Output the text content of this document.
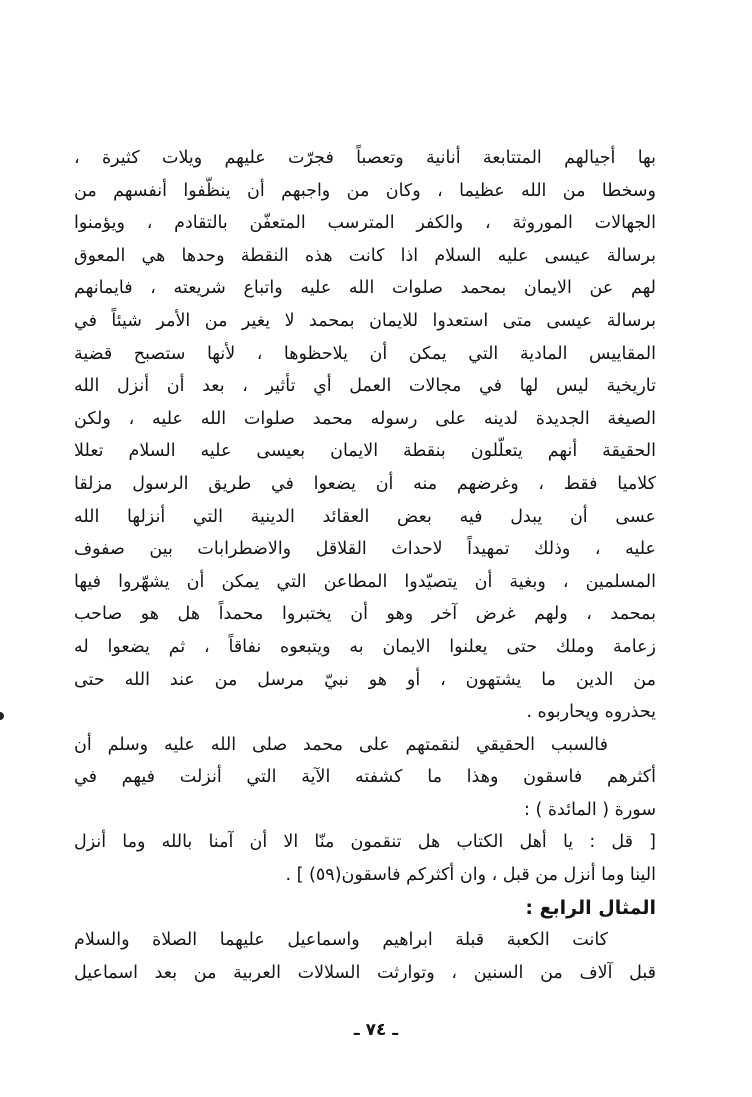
بها أجيالهم المتتابعة أنانية وتعصباً فجرّت عليهم ويلات كثيرة ،
وسخطا من الله عظيما ، وكان من واجبهم أن ينظّفوا أنفسهم من
الجهالات الموروثة ، والكفر المترسب المتعفّن بالتقادم ، ويؤمنوا
برسالة عيسى عليه السلام اذا كانت هذه النقطة وحدها هي المعوق
لهم عن الايمان بمحمد صلوات الله عليه واتباع شريعته ، فايمانهم
برسالة عيسى متى استعدوا للايمان بمحمد لا يغير من الأمر شيئاً في
المقاييس المادية التي يمكن أن يلاحظوها ، لأنها ستصبح قضية
تاريخية ليس لها في مجالات العمل أي تأثير ، بعد أن أنزل الله
الصيغة الجديدة لدينه على رسوله محمد صلوات الله عليه ، ولكن
الحقيقة أنهم يتعلّلون بنقطة الايمان بعيسى عليه السلام تعللا
كلاميا فقط ، وغرضهم منه أن يضعوا في طريق الرسول مزلقا
عسى أن يبدل فيه بعض العقائد الدينية التي أنزلها الله
عليه ، وذلك تمهيداً لاحداث القلاقل والاضطرابات بين صفوف
المسلمين ، وبغية أن يتصيّدوا المطاعن التي يمكن أن يشهّروا فيها
بمحمد ، ولهم غرض آخر وهو أن يختبروا محمداً هل هو صاحب
زعامة وملك حتى يعلنوا الايمان به ويتبعوه نفاقاً ، ثم يضعوا له
من الدين ما يشتهون ، أو هو نبيّ مرسل من عند الله حتى
يحذروه ويحاربوه .
فالسبب الحقيقي لنقمتهم على محمد صلى الله عليه وسلم أن
أكثرهم فاسقون وهذا ما كشفته الآية التي أنزلت فيهم في
سورة ( المائدة ) :
[ قل : يا أهل الكتاب هل تنقمون منّا الا أن آمنا بالله وما أنزل
الينا وما أنزل من قبل ، وان أكثركم فاسقون(٥٩) ] .
المثال الرابع :
كانت الكعبة قبلة ابراهيم واسماعيل عليهما الصلاة والسلام
قبل آلاف من السنين ، وتوارثت السلالات العربية من بعد اسماعيل
ـ ٧٤ ـ
